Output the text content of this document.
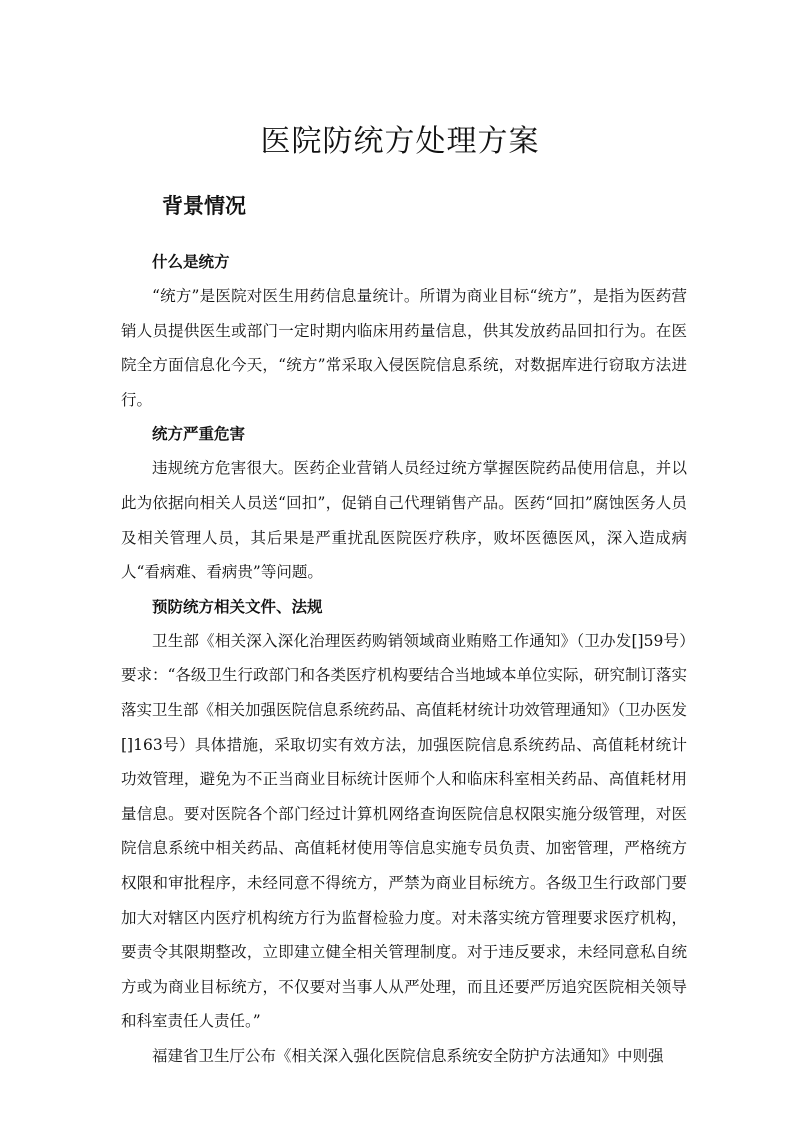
医院防统方处理方案
背景情况
什么是统方

“统方”是医院对医生用药信息量统计。所谓为商业目标“统方”，是指为医药营销人员提供医生或部门一定时期内临床用药量信息，供其发放药品回扣行为。在医院全方面信息化今天，“统方”常采取入侵医院信息系统，对数据库进行窃取方法进行。

统方严重危害

违规统方危害很大。医药企业营销人员经过统方掌握医院药品使用信息，并以此为依据向相关人员送“回扣”，促销自己代理销售产品。医药“回扣”腐蚀医务人员及相关管理人员，其后果是严重扰乱医院医疗秩序，败坏医德医风，深入造成病人“看病难、看病贵”等问题。

预防统方相关文件、法规

卫生部《相关深入深化治理医药购销领域商业贿赂工作通知》（卫办发[]59号）要求：“各级卫生行政部门和各类医疗机构要结合当地域本单位实际，研究制订落实落实卫生部《相关加强医院信息系统药品、高值耗材统计功效管理通知》（卫办医发[]163号）具体措施，采取切实有效方法，加强医院信息系统药品、高值耗材统计功效管理，避免为不正当商业目标统计医师个人和临床科室相关药品、高值耗材用量信息。要对医院各个部门经过计算机网络查询医院信息权限实施分级管理，对医院信息系统中相关药品、高值耗材使用等信息实施专员负责、加密管理，严格统方权限和审批程序，未经同意不得统方，严禁为商业目标统方。各级卫生行政部门要加大对辖区内医疗机构统方行为监督检验力度。对未落实统方管理要求医疗机构，要责令其限期整改，立即建立健全相关管理制度。对于违反要求，未经同意私自统方或为商业目标统方，不仅要对当事人从严处理，而且还要严厉追究医院相关领导和科室责任人责任。”

福建省卫生厅公布《相关深入强化医院信息系统安全防护方法通知》中则强
